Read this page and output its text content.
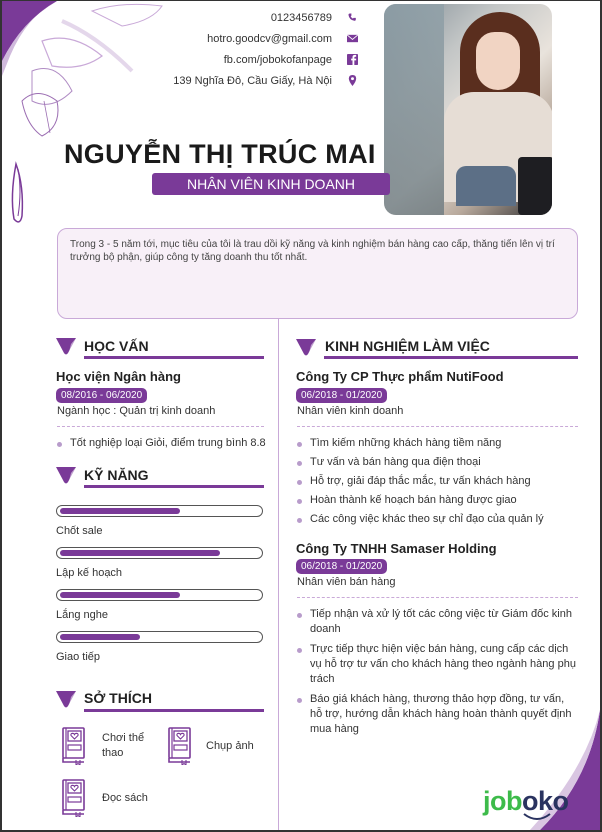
0123456789
hotro.goodcv@gmail.com
fb.com/jobokofanpage
139 Nghĩa Đô, Cầu Giấy, Hà Nội
NGUYỄN THỊ TRÚC MAI
NHÂN VIÊN KINH DOANH
Trong 3 - 5 năm tới, mục tiêu của tôi là trau dồi kỹ năng và kinh nghiệm bán hàng cao cấp, thăng tiến lên vị trí trưởng bộ phận, giúp công ty tăng doanh thu tốt nhất.
HỌC VẤN
Học viện Ngân hàng
08/2016 - 06/2020
Ngành học : Quản trị kinh doanh
Tốt nghiệp loại Giỏi, điểm trung bình 8.8
KỸ NĂNG
Chốt sale
Lập kế hoạch
Lắng nghe
Giao tiếp
SỞ THÍCH
Chơi thể thao
Chụp ảnh
Đọc sách
KINH NGHIỆM LÀM VIỆC
Công Ty CP Thực phẩm NutiFood
06/2018 - 01/2020
Nhân viên kinh doanh
Tìm kiếm những khách hàng tiềm năng
Tư vấn và bán hàng qua điện thoại
Hỗ trợ, giải đáp thắc mắc, tư vấn khách hàng
Hoàn thành kế hoạch bán hàng được giao
Các công việc khác theo sự chỉ đạo của quản lý
Công Ty TNHH Samaser Holding
06/2018 - 01/2020
Nhân viên bán hàng
Tiếp nhận và xử lý tốt các công việc từ Giám đốc kinh doanh
Trực tiếp thực hiện việc bán hàng, cung cấp các dịch vụ hỗ trợ tư vấn cho khách hàng theo ngành hàng phụ trách
Báo giá khách hàng, thương thảo hợp đồng, tư vấn, hỗ trợ, hướng dẫn khách hàng hoàn thành quyết định mua hàng
joboko
